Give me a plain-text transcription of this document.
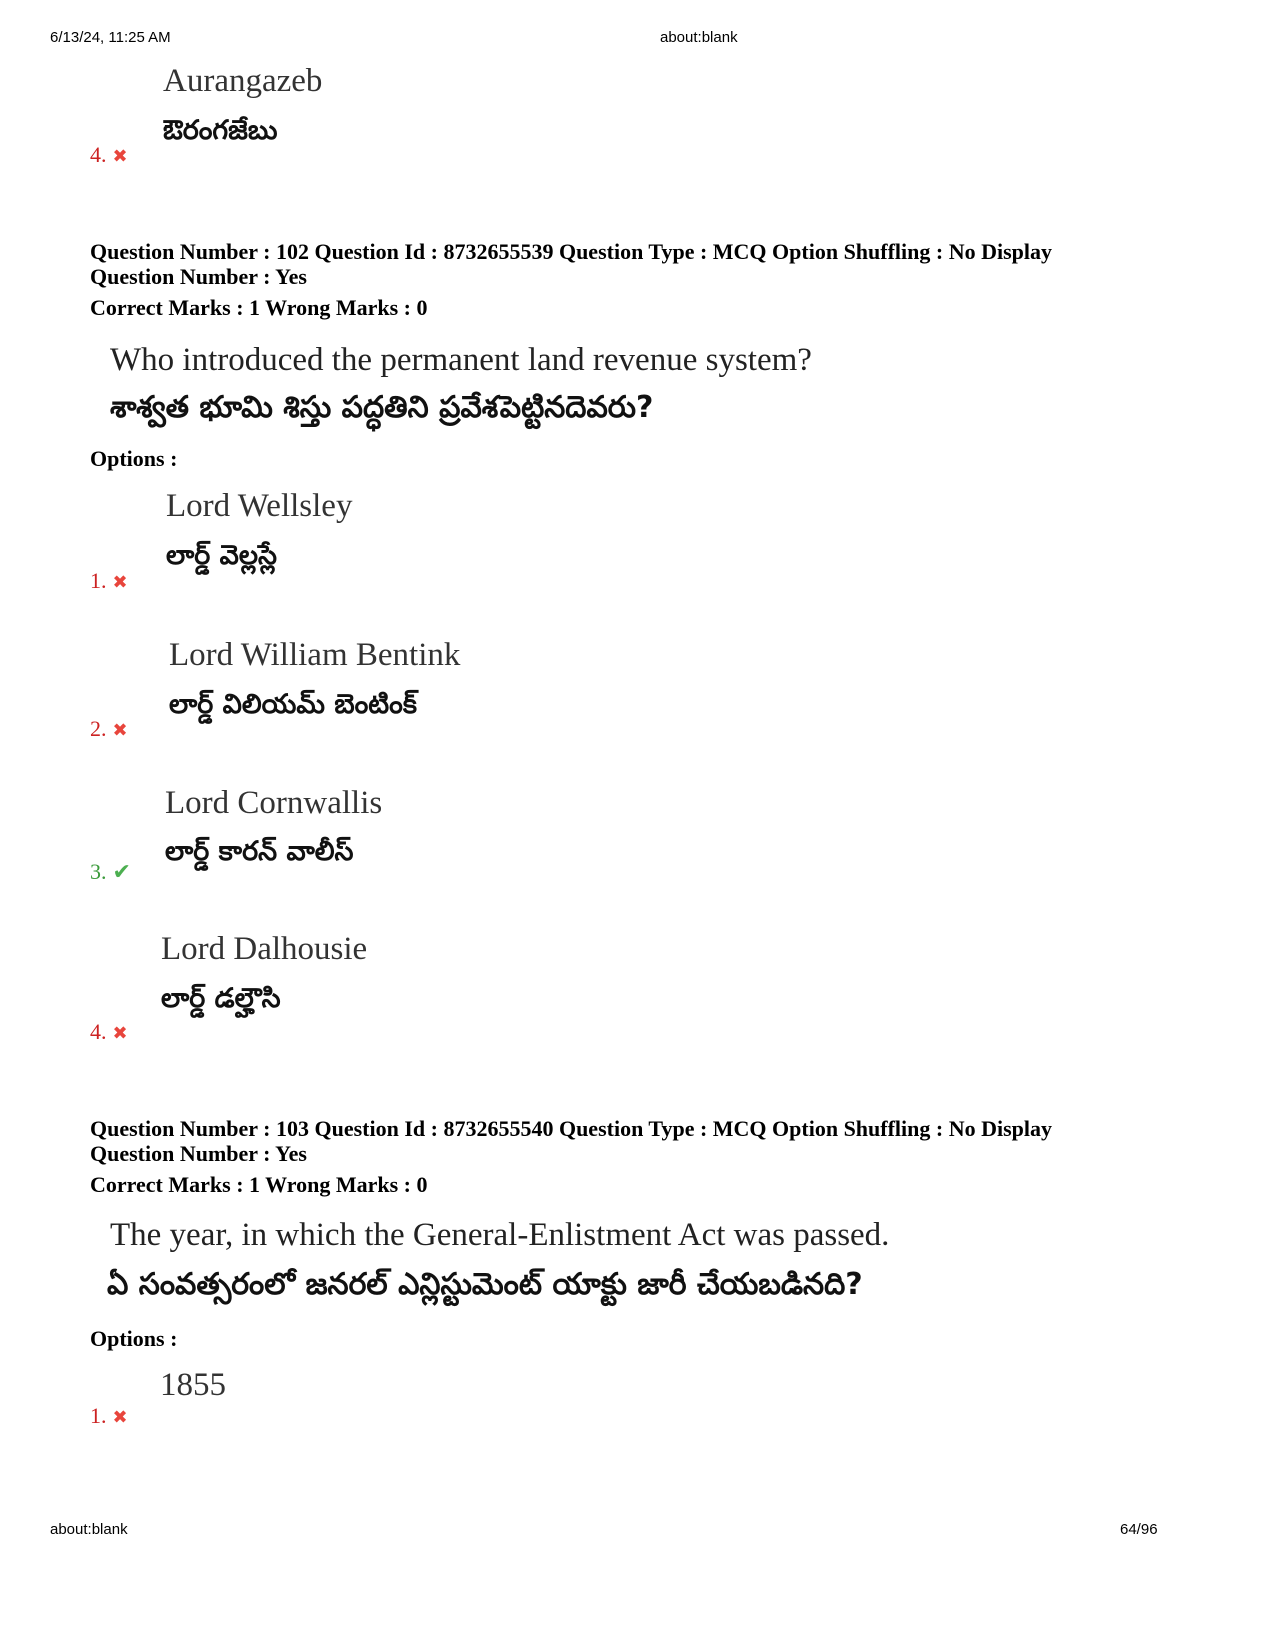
6/13/24, 11:25 AM	about:blank
Aurangazeb
ఔరంగజేబు
4. ✖
Question Number : 102 Question Id : 8732655539 Question Type : MCQ Option Shuffling : No Display
Question Number : Yes
Correct Marks : 1 Wrong Marks : 0
Who introduced the permanent land revenue system?
శాశ్వత భూమి శిస్తు పద్ధతిని ప్రవేశపెట్టినదెవరు?
Options :
Lord Wellsley
లార్డ్ వెల్లస్లే
1. ✖
Lord William Bentink
లార్డ్ విలియమ్ బెంటింక్
2. ✖
Lord Cornwallis
లార్డ్ కారన్ వాలీస్
3. ✔
Lord Dalhousie
లార్డ్ డల్హౌసి
4. ✖
Question Number : 103 Question Id : 8732655540 Question Type : MCQ Option Shuffling : No Display
Question Number : Yes
Correct Marks : 1 Wrong Marks : 0
The year, in which the General-Enlistment Act was passed.
ఏ సంవత్సరంలో జనరల్ ఎన్లిస్టుమెంట్ యాక్టు జారీ చేయబడినది?
Options :
1855
1. ✖
about:blank	64/96
